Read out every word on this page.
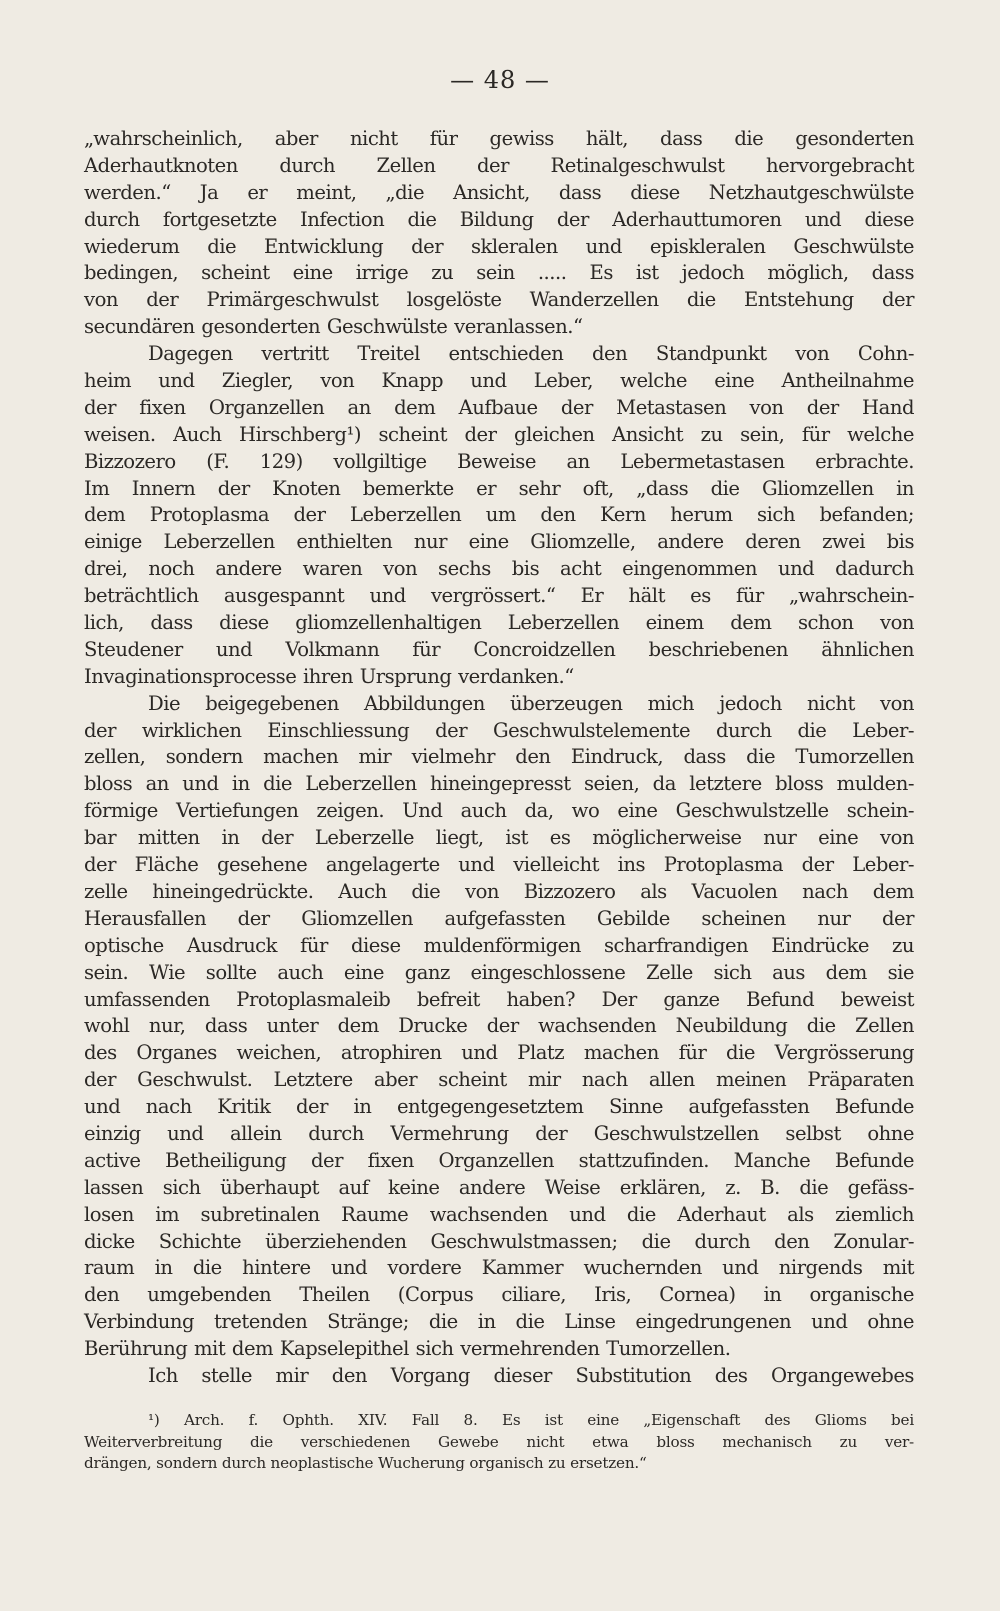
— 48 —
„wahrscheinlich, aber nicht für gewiss hält, dass die gesonderten
Aderhautknoten durch Zellen der Retinalgeschwulst hervorgebracht
werden.“ Ja er meint, „die Ansicht, dass diese Netzhautgeschwülste
durch fortgesetzte Infection die Bildung der Aderhauttumoren und diese
wiederum die Entwicklung der skleralen und episkleralen Geschwülste
bedingen, scheint eine irrige zu sein ..... Es ist jedoch möglich, dass
von der Primärgeschwulst losgelöste Wanderzellen die Entstehung der
secundären gesonderten Geschwülste veranlassen.“
Dagegen vertritt Treitel entschieden den Standpunkt von Cohn-
heim und Ziegler, von Knapp und Leber, welche eine Antheilnahme
der fixen Organzellen an dem Aufbaue der Metastasen von der Hand
weisen. Auch Hirschberg¹) scheint der gleichen Ansicht zu sein, für welche
Bizzozero (F. 129) vollgiltige Beweise an Lebermetastasen erbrachte.
Im Innern der Knoten bemerkte er sehr oft, „dass die Gliomzellen in
dem Protoplasma der Leberzellen um den Kern herum sich befanden;
einige Leberzellen enthielten nur eine Gliomzelle, andere deren zwei bis
drei, noch andere waren von sechs bis acht eingenommen und dadurch
beträchtlich ausgespannt und vergrössert.“ Er hält es für „wahrschein-
lich, dass diese gliomzellenhaltigen Leberzellen einem dem schon von
Steudener und Volkmann für Concroidzellen beschriebenen ähnlichen
Invaginationsprocesse ihren Ursprung verdanken.“
Die beigegebenen Abbildungen überzeugen mich jedoch nicht von
der wirklichen Einschliessung der Geschwulstelemente durch die Leber-
zellen, sondern machen mir vielmehr den Eindruck, dass die Tumorzellen
bloss an und in die Leberzellen hineingepresst seien, da letztere bloss mulden-
förmige Vertiefungen zeigen. Und auch da, wo eine Geschwulstzelle schein-
bar mitten in der Leberzelle liegt, ist es möglicherweise nur eine von
der Fläche gesehene angelagerte und vielleicht ins Protoplasma der Leber-
zelle hineingedrückte. Auch die von Bizzozero als Vacuolen nach dem
Herausfallen der Gliomzellen aufgefassten Gebilde scheinen nur der
optische Ausdruck für diese muldenförmigen scharfrandigen Eindrücke zu
sein. Wie sollte auch eine ganz eingeschlossene Zelle sich aus dem sie
umfassenden Protoplasmaleib befreit haben? Der ganze Befund beweist
wohl nur, dass unter dem Drucke der wachsenden Neubildung die Zellen
des Organes weichen, atrophiren und Platz machen für die Vergrösserung
der Geschwulst. Letztere aber scheint mir nach allen meinen Präparaten
und nach Kritik der in entgegengesetztem Sinne aufgefassten Befunde
einzig und allein durch Vermehrung der Geschwulstzellen selbst ohne
active Betheiligung der fixen Organzellen stattzufinden. Manche Befunde
lassen sich überhaupt auf keine andere Weise erklären, z. B. die gefäss-
losen im subretinalen Raume wachsenden und die Aderhaut als ziemlich
dicke Schichte überziehenden Geschwulstmassen; die durch den Zonular-
raum in die hintere und vordere Kammer wuchernden und nirgends mit
den umgebenden Theilen (Corpus ciliare, Iris, Cornea) in organische
Verbindung tretenden Stränge; die in die Linse eingedrungenen und ohne
Berührung mit dem Kapselepithel sich vermehrenden Tumorzellen.
Ich stelle mir den Vorgang dieser Substitution des Organgewebes
¹) Arch. f. Ophth. XIV. Fall 8. Es ist eine „Eigenschaft des Glioms bei
Weiterverbreitung die verschiedenen Gewebe nicht etwa bloss mechanisch zu ver-
drängen, sondern durch neoplastische Wucherung organisch zu ersetzen.“
